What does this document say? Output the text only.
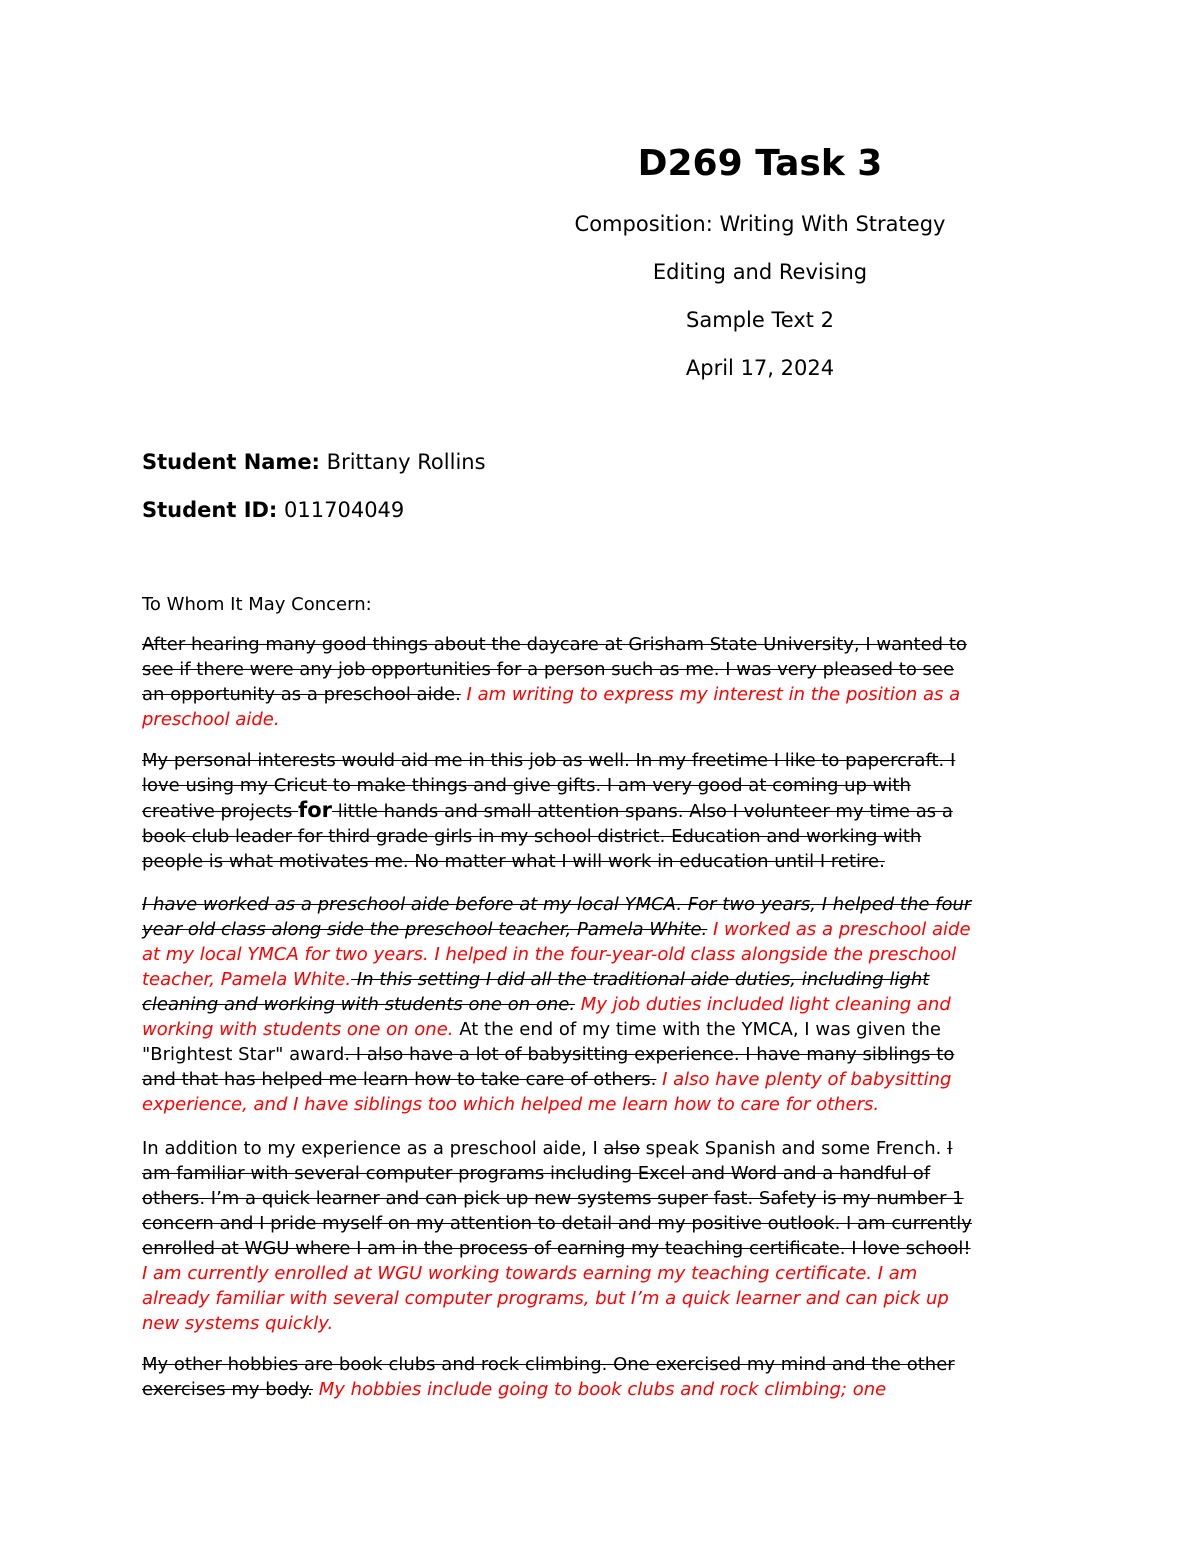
D269 Task 3
Composition: Writing With Strategy
Editing and Revising
Sample Text 2
April 17, 2024
Student Name: Brittany Rollins
Student ID: 011704049
To Whom It May Concern:
After hearing many good things about the daycare at Grisham State University, I wanted to
see if there were any job opportunities for a person such as me. I was very pleased to see
an opportunity as a preschool aide. I am writing to express my interest in the position as a
preschool aide.
My personal interests would aid me in this job as well. In my freetime I like to papercraft. I
love using my Cricut to make things and give gifts. I am very good at coming up with
creative projects for little hands and small attention spans. Also I volunteer my time as a
book club leader for third grade girls in my school district. Education and working with
people is what motivates me. No matter what I will work in education until I retire.
I have worked as a preschool aide before at my local YMCA. For two years, I helped the four
year old class along side the preschool teacher, Pamela White. I worked as a preschool aide
at my local YMCA for two years. I helped in the four-year-old class alongside the preschool
teacher, Pamela White. In this setting I did all the traditional aide duties, including light
cleaning and working with students one on one. My job duties included light cleaning and
working with students one on one. At the end of my time with the YMCA, I was given the
"Brightest Star" award. I also have a lot of babysitting experience. I have many siblings to
and that has helped me learn how to take care of others. I also have plenty of babysitting
experience, and I have siblings too which helped me learn how to care for others.
In addition to my experience as a preschool aide, I also speak Spanish and some French. I
am familiar with several computer programs including Excel and Word and a handful of
others. I’m a quick learner and can pick up new systems super fast. Safety is my number 1
concern and I pride myself on my attention to detail and my positive outlook. I am currently
enrolled at WGU where I am in the process of earning my teaching certificate. I love school!
I am currently enrolled at WGU working towards earning my teaching certificate. I am
already familiar with several computer programs, but I’m a quick learner and can pick up
new systems quickly.
My other hobbies are book clubs and rock climbing. One exercised my mind and the other
exercises my body. My hobbies include going to book clubs and rock climbing; one
